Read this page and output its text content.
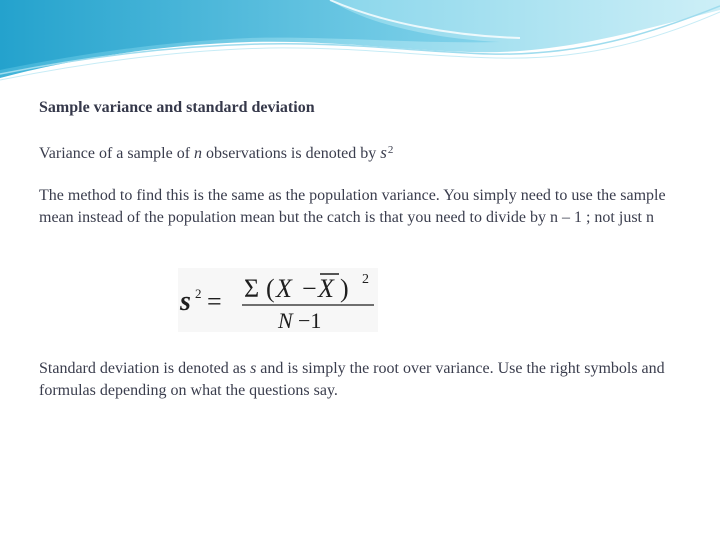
Sample variance and standard deviation
Variance of a sample of n observations is denoted by $s^2$
The method to find this is the same as the population variance. You simply need to use the sample mean instead of the population mean but the catch is that you need to divide by n – 1 ; not just n
s 2 = Σ ( X − X ) 2
N −1
Standard deviation is denoted as s and is simply the root over variance. Use the right symbols and formulas depending on what the questions say.
